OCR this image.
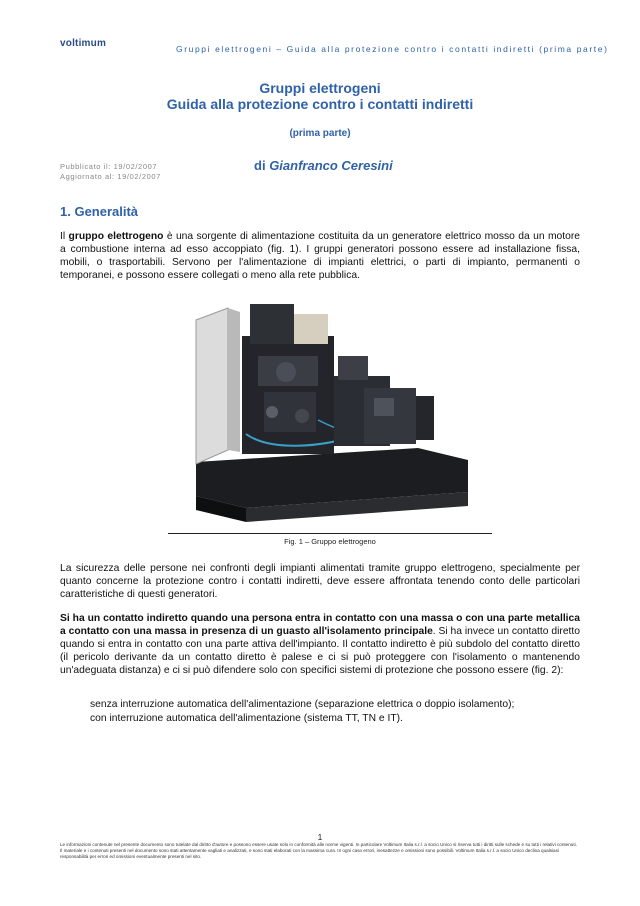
voltimum	Gruppi elettrogeni – Guida alla protezione contro i contatti indiretti (prima parte)
Gruppi elettrogeni
Guida alla protezione contro i contatti indiretti
(prima parte)
Pubblicato il: 19/02/2007
Aggiornato al: 19/02/2007
di Gianfranco Ceresini
1. Generalità
Il gruppo elettrogeno è una sorgente di alimentazione costituita da un generatore elettrico mosso da un motore a combustione interna ad esso accoppiato (fig. 1). I gruppi generatori possono essere ad installazione fissa, mobili, o trasportabili. Servono per l'alimentazione di impianti elettrici, o parti di impianto, permanenti o temporanei, e possono essere collegati o meno alla rete pubblica.
Fig. 1 – Gruppo elettrogeno
La sicurezza delle persone nei confronti degli impianti alimentati tramite gruppo elettrogeno, specialmente per quanto concerne la protezione contro i contatti indiretti, deve essere affrontata tenendo conto delle particolari caratteristiche di questi generatori.
Si ha un contatto indiretto quando una persona entra in contatto con una massa o con una parte metallica a contatto con una massa in presenza di un guasto all'isolamento principale. Si ha invece un contatto diretto quando si entra in contatto con una parte attiva dell'impianto. Il contatto indiretto è più subdolo del contatto diretto (il pericolo derivante da un contatto diretto è palese e ci si può proteggere con l'isolamento o mantenendo un'adeguata distanza) e ci si può difendere solo con specifici sistemi di protezione che possono essere (fig. 2):
senza interruzione automatica dell'alimentazione (separazione elettrica o doppio isolamento);
con interruzione automatica dell'alimentazione (sistema TT, TN e IT).
1
Le informazioni contenute nel presente documento sono tutelate dal diritto d'autore e possono essere usate solo in conformità alle norme vigenti. In particolare Voltimum Italia s.r.l. a socio Unico si riserva tutti i diritti sulle schede e su tutti i relativi contenuti.
Il materiale e i contenuti presenti nel documento sono stati attentamente vagliati e analizzati, e sono stati elaborati con la massima cura. In ogni caso errori, inesattezze e omissioni sono possibili. Voltimum Italia s.r.l. a socio Unico declina qualsiasi responsabilità per errori ed omissioni eventualmente presenti nel sito.
